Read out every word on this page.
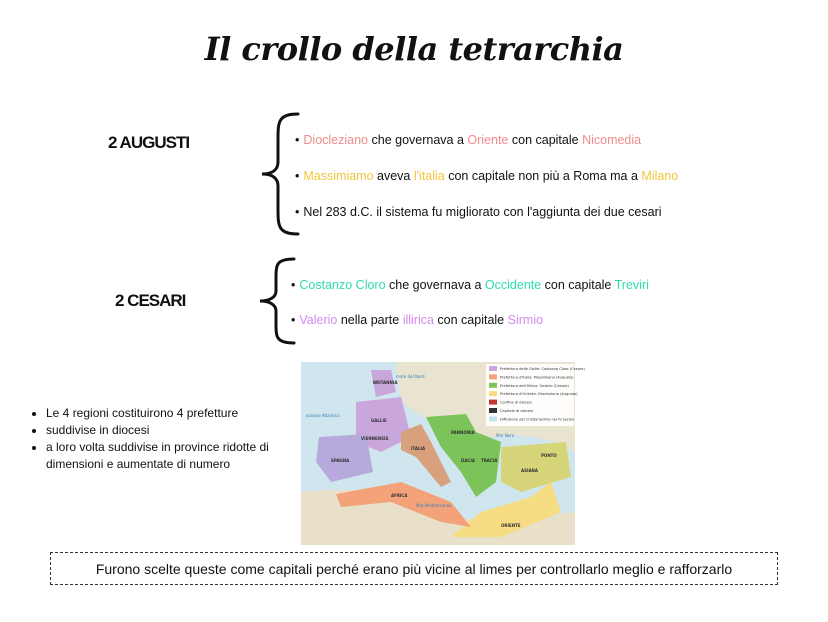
Il crollo della tetrarchia
2 AUGUSTI	• Diocleziano che governava a Oriente con capitale Nicomedia
• Massimiamo aveva l'italia con capitale non più a Roma ma a Milano
• Nel 283 d.C. il sistema fu migliorato con l'aggiunta dei due cesari
2 CESARI
• Costanzo Cloro che governava a Occidente con capitale Treviri
• Valerio nella parte illirica con capitale Sirmio
• Le 4 regioni costituirono 4 prefetture
• suddivise in diocesi
• a loro volta suddivise in province ridotte di dimensioni e aumentate di numero
Prefettura delle Gallie: Costanzo Cloro (Cesare)
Prefettura d'Italia: Massimiano (Augusto)
Prefettura dell'Illirico: Galerio (Cesare)
Prefettura d'Oriente: Diocleziano (Augusto)
Confine di diocesi
Capitale di diocesi
Diffusione del Cristianesimo nel IV secolo
BRITANNIA
GALLIE
VIENNENSIS
SPAGNA
ITALIA
PANNONIA
DACIA TRACIA
ASIANA
PONTO
AFRICA
ORIENTE
Mar Mediterraneo
Mar Nero
oceano Atlantico
mare del Nord
Furono scelte queste come capitali perché erano più vicine al limes per controllarlo meglio e rafforzarlo
